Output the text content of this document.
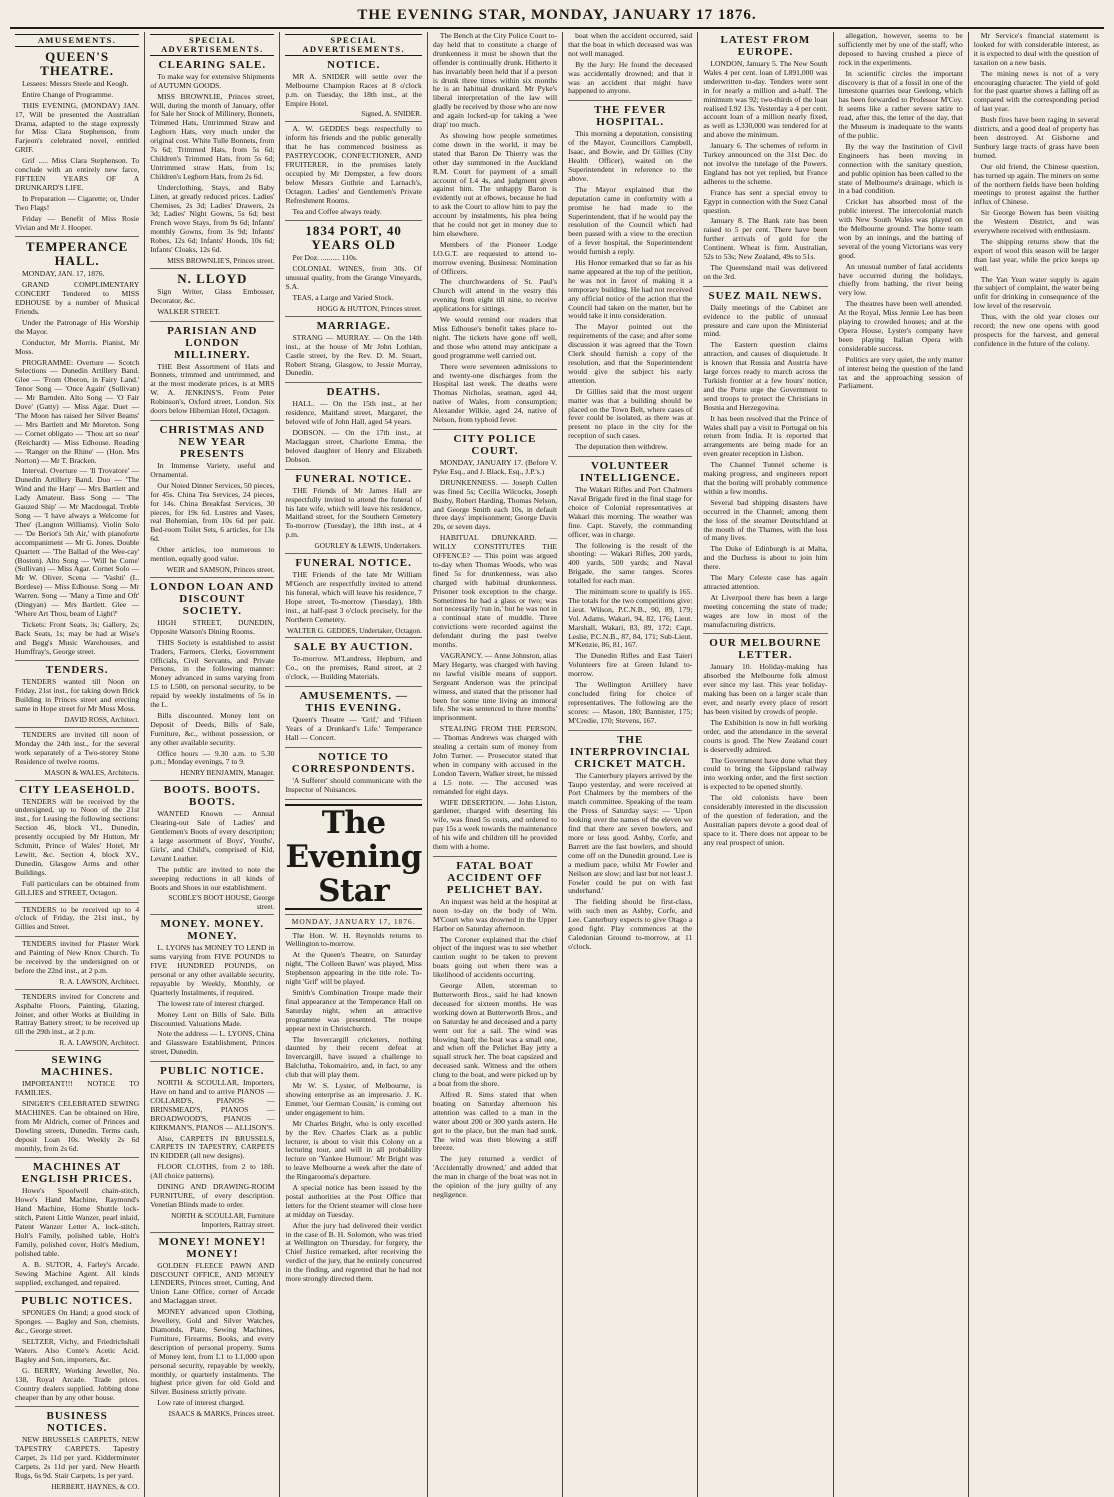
THE EVENING STAR, MONDAY, JANUARY 17 1876.
AMUSEMENTS.
QUEEN'S THEATRE.

Lessees: Messrs Steele and Keogh.

Entire Change of Programme.

THIS EVENING, (MONDAY) JAN. 17, Will be presented the Australian Drama, adapted to the stage expressly for Miss Clara Stephenson, from Farjeon's celebrated novel, entitled GRIF.

Grif ..... Miss Clara Stephenson. To conclude with an entirely new farce, FIFTEEN YEARS OF A DRUNKARD'S LIFE.

In Preparation — Cigarette; or, Under Two Flags!

Friday — Benefit of Miss Rosie Vivian and Mr J. Hooper.

TEMPERANCE HALL.

MONDAY, JAN. 17, 1876.

GRAND COMPLIMENTARY CONCERT Tendered to MISS EDHOUSE by a number of Musical Friends.

Under the Patronage of His Worship the Mayor.

Conductor, Mr Morris. Pianist, Mr Moss.

PROGRAMME: Overture — Scotch Selections — Dunedin Artillery Band. Glee — 'From Oberon, in Fairy Land.' Tenor Song — 'Once Again' (Sullivan) — Mr Barnden. Alto Song — 'O Fair Dove' (Gatty) — Miss Agar. Duet — 'The Moon has raised her Silver Beams' — Mrs Bartlett and Mr Moreton. Song — Cornet obligato — 'Thou art so near' (Reichardt) — Miss Edhouse. Reading — 'Ranger on the Rhine' — (Hon. Mrs Norton) — Mr T. Bracken.

Interval. Overture — 'Il Trovatore' — Dunedin Artillery Band. Duo — 'The Wind and the Harp' — Mrs Bartlett and Lady Amateur. Bass Song — 'The Gauzed Ship' — Mr Macdougal. Treble Song — 'I have always a Welcome for Thee' (Langton Williams). Violin Solo — 'De Beriot's 5th Air,' with pianoforte accompaniment — Mr G. Jones. Double Quartett — 'The Ballad of the Wee-cay' (Boston). Alto Song — 'Will he Come' (Sullivan) — Miss Agar. Cornet Solo — Mr W. Oliver. Scena — 'Vashti' (L. Bordese) — Miss Edhouse. Song — Mr Warren. Song — 'Many a Time and Oft' (Dingyan) — Mrs Bartlett. Glee — 'Where Art Thou, beam of Light?'

Tickets: Front Seats, 3s; Gallery, 2s; Back Seats, 1s; may be had at Wise's and Begg's Music Warehouses, and Humffray's, George street.

TENDERS.

TENDERS wanted till Noon on Friday, 21st inst., for taking down Brick Building in Princes street and erecting same in Hope street for Mr Moss Moss.

DAVID ROSS, Architect.

TENDERS are invited till noon of Monday the 24th inst., for the several work separately of a Two-storey Stone Residence of twelve rooms.

MASON & WALES, Architects.
CITY LEASEHOLD.

TENDERS will be received by the undersigned, up to Noon of the 21st inst., for Leasing the following sections: Section 46, block VI., Dunedin, presently occupied by Mr Hutton, Mr Schmitt, Prince of Wales' Hotel, Mr Lewitt, &c. Section 4, block XV., Dunedin, Glasgow Arms and other Buildings.

Full particulars can be obtained from GILLIES and STREET, Octagon.

TENDERS to be received up to 4 o'clock of Friday, the 21st inst., by Gillies and Street.

TENDERS invited for Plaster Work and Painting of New Knox Church. To be received by the undersigned on or before the 22nd inst., at 2 p.m.

R. A. LAWSON, Architect.

TENDERS invited for Concrete and Asphalte Floors, Painting, Glazing, Joiner, and other Works at Building in Rattray Battery street; to be received up till the 29th inst., at 2 p.m.

R. A. LAWSON, Architect.
SEWING MACHINES.

IMPORTANT!!! NOTICE TO FAMILIES.

SINGER'S CELEBRATED SEWING MACHINES. Can be obtained on Hire, from Mr Aldrich, corner of Princes and Dowling streets, Dunedin. Terms cash, deposit Loan 10s. Weekly 2s 6d monthly, from 2s 6d.

MACHINES AT ENGLISH PRICES.

Howe's Spoolwell chain-stitch, Howe's Hand Machine, Raymond's Hand Machine, Home Shuttle lock-stitch, Patent Little Wanzer, pearl inlaid, Patent Wanzer Letter A, lock-stitch, Holt's Family, polished table, Holt's Family, polished cover, Holt's Medium, polished table.

A. B. SUTOR, 4, Farley's Arcade. Sewing Machine Agent. All kinds supplied, exchanged, and repaired.

PUBLIC NOTICES.

SPONGES On Hand; a good stock of Sponges. — Bagley and Son, chemists, &c., George street.

SELTZER, Vichy, and Friedrichshall Waters. Also Conte's Acetic Acid. Bagley and Son, importers, &c.

G. BERRY, Working Jeweller, No. 138, Royal Arcade. Trade prices. Country dealers supplied. Jobbing done cheaper than by any other house.

BUSINESS NOTICES.

NEW BRUSSELS CARPETS, NEW TAPESTRY CARPETS. Tapestry Carpet, 2s 11d per yard. Kidderminster Carpets, 2s 11d per yard. New Hearth Rugs, 6s 9d. Stair Carpets, 1s per yard.

HERBERT, HAYNES, & CO.
SPECIAL ADVERTISEMENTS.
CLEARING SALE.

To make way for extensive Shipments of AUTUMN GOODS.

MISS BROWNLIE, Princes street, Will, during the month of January, offer for Sale her Stock of Millinery, Bonnets, Trimmed Hats, Untrimmed Straw and Leghorn Hats, very much under the original cost. White Tulle Bonnets, from 7s 6d; Trimmed Hats, from 5s 6d; Children's Trimmed Hats, from 5s 6d; Untrimmed straw Hats, from 1s; Children's Leghorn Hats, from 2s 6d.

Underclothing, Stays, and Baby Linen, at greatly reduced prices. Ladies' Chemises, 2s 3d; Ladies' Drawers, 2s 3d; Ladies' Night Gowns, 5s 6d; best French wove Stays, from 9s 6d; Infants' monthly Gowns, from 3s 9d; Infants' Robes, 12s 6d; Infants' Hoods, 10s 6d; Infants' Cloaks, 12s 6d.

MISS BROWNLIE'S, Princes street.
N. LLOYD

Sign Writer, Glass Embosser, Decorator, &c.

WALKER STREET.

PARISIAN AND LONDON MILLINERY.

THE Best Assortment of Hats and Bonnets, trimmed and untrimmed, and at the most moderate prices, is at MRS W. A. JENKINS'S, From Peter Robinson's, Oxford street, London. Six doors below Hibernian Hotel, Octagon.

CHRISTMAS AND NEW YEAR PRESENTS

In Immense Variety, useful and Ornamental.

Our Noted Dinner Services, 50 pieces, for 45s. China Tea Services, 24 pieces, for 14s. China Breakfast Services, 30 pieces, for 19s 6d. Lustres and Vases, real Bohemian, from 10s 6d per pair. Bed-room Toilet Sets, 6 articles, for 13s 6d.

Other articles, too numerous to mention, equally good value.

WEIR and SAMSON, Princes street.
LONDON LOAN AND DISCOUNT SOCIETY.

HIGH STREET, DUNEDIN, Opposite Watson's Dining Rooms.

THIS Society is established to assist Traders, Farmers, Clerks, Government Officials, Civil Servants, and Private Persons, in the following manner: Money advanced in sums varying from L5 to L500, on personal security, to be repaid by weekly instalments of 5s in the L.

Bills discounted. Money lent on Deposit of Deeds, Bills of Sale, Furniture, &c., without possession, or any other available security.

Office hours — 9.30 a.m. to 5.30 p.m.; Monday evenings, 7 to 9.

HENRY BENJAMIN, Manager.
BOOTS. BOOTS. BOOTS.

WANTED Known — Annual Clearing-out Sale of Ladies' and Gentlemen's Boots of every description; a large assortment of Boys', Youths', Girls', and Child's, comprised of Kid, Levant Leather.

The public are invited to note the sweeping reductions in all kinds of Boots and Shoes in our establishment.

SCOBLE'S BOOT HOUSE, George street.
MONEY. MONEY. MONEY.

L. LYONS has MONEY TO LEND in sums varying from FIVE POUNDS to FIVE HUNDRED POUNDS, on personal or any other available security, repayable by Weekly, Monthly, or Quarterly Instalments, if required.

The lowest rate of interest charged.

Money Lent on Bills of Sale. Bills Discounted. Valuations Made.

Note the address — L. LYONS, China and Glassware Establishment, Princes street, Dunedin.

PUBLIC NOTICE.

NORTH & SCOULLAR, Importers, Have on hand and to arrive PIANOS — COLLARD'S, PIANOS — BRINSMEAD'S, PIANOS — BROADWOOD'S, PIANOS — KIRKMAN'S, PIANOS — ALLISON'S.

Also, CARPETS IN BRUSSELS, CARPETS IN TAPESTRY, CARPETS IN KIDDER (all new designs).

FLOOR CLOTHS, from 2 to 18ft. (All choice patterns).

DINING AND DRAWING-ROOM FURNITURE, of every description. Venetian Blinds made to order.

NORTH & SCOULLAR, Furniture Importers, Rattray street.
MONEY! MONEY! MONEY!

GOLDEN FLEECE PAWN AND DISCOUNT OFFICE, AND MONEY LENDERS, Princes street, Cutting, And Union Lane Office, corner of Arcade and Maclaggan street.

MONEY advanced upon Clothing, Jewellery, Gold and Silver Watches, Diamonds, Plate, Sewing Machines, Furniture, Firearms, Books, and every description of personal property. Sums of Money lent, from L1 to L1,000 upon personal security, repayable by weekly, monthly, or quarterly instalments. The highest price given for old Gold and Silver. Business strictly private.

Low rate of interest charged.

ISAACS & MARKS, Princes street.
SPECIAL ADVERTISEMENTS.
NOTICE.

MR A. SNIDER will settle over the Melbourne Champion Races at 8 o'clock p.m. on Tuesday, the 18th inst., at the Empire Hotel.

Signed, A. SNIDER.

A. W. GEDDES begs respectfully to inform his friends and the public generally that he has commenced business as PASTRYCOOK, CONFECTIONER, AND FRUITERER, in the premises lately occupied by Mr Dempster, a few doors below Messrs Guthrie and Larnach's, Octagon. Ladies' and Gentlemen's Private Refreshment Rooms.

Tea and Coffee always ready.

1834 PORT, 40 YEARS OLD

Per Doz. .......... 110s.

COLONIAL WINES, from 30s. Of unusual quality, from the Grange Vineyards, S.A.

TEAS, a Large and Varied Stock.

HOGG & HUTTON, Princes street.
MARRIAGE.

STRANG — MURRAY. — On the 14th inst., at the house of Mr John Lothian, Castle street, by the Rev. D. M. Stuart, Robert Strang, Glasgow, to Jessie Murray, Dunedin.

DEATHS.

HALL. — On the 15th inst., at her residence, Maitland street, Margaret, the beloved wife of John Hall, aged 54 years.

DOBSON. — On the 17th inst., at Maclaggan street, Charlotte Emma, the beloved daughter of Henry and Elizabeth Dobson.

FUNERAL NOTICE.

THE Friends of Mr James Hall are respectfully invited to attend the funeral of his late wife, which will leave his residence, Maitland street, for the Southern Cemetery To-morrow (Tuesday), the 18th inst., at 4 p.m.

GOURLEY & LEWIS, Undertakers.
FUNERAL NOTICE.

THE Friends of the late Mr William M'Geoch are respectfully invited to attend his funeral, which will leave his residence, 7 Hope street, To-morrow (Tuesday), 18th inst., at half-past 3 o'clock precisely, for the Northern Cemetery.

WALTER G. GEDDES, Undertaker, Octagon.
SALE BY AUCTION.

To-morrow. M'Landress, Hepburn, and Co., on the premises, Rand street, at 2 o'clock, — Building Materials.

AMUSEMENTS. — THIS EVENING.

Queen's Theatre — 'Grif,' and 'Fifteen Years of a Drunkard's Life.' Temperance Hall — Concert.

NOTICE TO CORRESPONDENTS.

'A Sufferer' should communicate with the Inspector of Nuisances.

The Evening Star
MONDAY, JANUARY 17, 1876.

The Hon. W. H. Reynolds returns to Wellington to-morrow.

At the Queen's Theatre, on Saturday night, 'The Colleen Bawn' was played, Miss Stephenson appearing in the title role. To-night 'Grif' will be played.

Smith's Combination Troupe made their final appearance at the Temperance Hall on Saturday night, when an attractive programme was presented. The troupe appear next in Christchurch.

The Invercargill cricketers, nothing daunted by their recent defeat at Invercargill, have issued a challenge to Balclutha, Tokomairiro, and, in fact, to any club that will play them.

Mr W. S. Lyster, of Melbourne, is showing enterprise as an impresario. J. K. Emmet, 'our German Cousin,' is coming out under engagement to him.

Mr Charles Bright, who is only excelled by the Rev. Charles Clark as a public lecturer, is about to visit this Colony on a lecturing tour, and will in all probability lecture on 'Yankee Humour.' Mr Bright was to leave Melbourne a week after the date of the Ringarooma's departure.

A special notice has been issued by the postal authorities at the Post Office that letters for the Orient steamer will close here at midday on Tuesday.

After the jury had delivered their verdict in the case of B. H. Solomon, who was tried at Wellington on Thursday, for forgery, the Chief Justice remarked, after receiving the verdict of the jury, that he entirely concurred in the finding, and regretted that he had not more strongly directed them.

The Bench at the City Police Court to-day held that to constitute a charge of drunkenness it must be shown that the offender is continually drunk. Hitherto it has invariably been held that if a person is drunk three times within six months he is an habitual drunkard. Mr Pyke's liberal interpretation of the law will gladly be received by those who are now and again locked-up for taking a 'wee drap' too much.

As showing how people sometimes come down in the world, it may be stated that Baron De Thierry was the other day summoned in the Auckland R.M. Court for payment of a small account of L4 4s, and judgment given against him. The unhappy Baron is evidently out at elbows, because he had to ask the Court to allow him to pay the account by instalments, his plea being that he could not get in money due to him elsewhere.

Members of the Pioneer Lodge I.O.G.T. are requested to attend to-morrow evening. Business: Nomination of Officers.

The churchwardens of St. Paul's Church will attend in the vestry this evening from eight till nine, to receive applications for sittings.

We would remind our readers that Miss Edhouse's benefit takes place to-night. The tickets have gone off well, and those who attend may anticipate a good programme well carried out.

There were seventeen admissions to and twenty-one discharges from the Hospital last week. The deaths were Thomas Nicholas, seaman, aged 44, native of Wales, from consumption; Alexander Wilkie, aged 24, native of Nelson, from typhoid fever.

CITY POLICE COURT.

MONDAY, JANUARY 17. (Before V. Pyke Esq., and J. Black, Esq., J.P.'s.)

DRUNKENNESS. — Joseph Cullen was fined 5s; Cecilia Wilcocks, Joseph Busby, Robert Harding, Thomas Nelson, and George Smith each 10s, in default three days' imprisonment; George Davis 20s, or seven days.

HABITUAL DRUNKARD. — WILLY CONSTITUTES THE OFFENCE? — This point was argued to-day when Thomas Woods, who was fined 5s for drunkenness, was also charged with habitual drunkenness. Prisoner took exception to the charge. Sometimes he had a glass or two; was not necessarily 'run in,' but he was not in a continual state of muddle. Three convictions were recorded against the defendant during the past twelve months.

VAGRANCY. — Anne Johnston, alias Mary Hegarty, was charged with having no lawful visible means of support. Sergeant Anderson was the principal witness, and stated that the prisoner had been for some time living an immoral life. She was sentenced to three months' imprisonment.

STEALING FROM THE PERSON. — Thomas Andrews was charged with stealing a certain sum of money from John Turner. — Prosecutor stated that when in company with accused in the London Tavern, Walker street, he missed a L5 note. — The accused was remanded for eight days.

WIFE DESERTION. — John Liston, gardener, charged with deserting his wife, was fined 5s costs, and ordered to pay 15s a week towards the maintenance of his wife and children till he provided them with a home.

FATAL BOAT ACCIDENT OFF PELICHET BAY.

An inquest was held at the hospital at noon to-day on the body of Wm. M'Court who was drowned in the Upper Harbor on Saturday afternoon.

The Coroner explained that the chief object of the inquest was to see whether caution ought to be taken to prevent boats going out when there was a likelihood of accidents occurring.

George Allen, storeman to Butterworth Bros., said he had known deceased for sixteen months. He was working down at Butterworth Bros., and on Saturday he and deceased and a party went out for a sail. The wind was blowing hard; the boat was a small one, and when off the Pelichet Bay jetty a squall struck her. The boat capsized and deceased sank. Witness and the others clung to the boat, and were picked up by a boat from the shore.

Alfred R. Sims stated that when boating on Saturday afternoon his attention was called to a man in the water about 200 or 300 yards astern. He got to the place, but the man had sunk. The wind was then blowing a stiff breeze.

The jury returned a verdict of 'Accidentally drowned,' and added that the man in charge of the boat was not in the opinion of the jury guilty of any negligence.

boat when the accident occurred, said that the boat in which deceased was was not well managed.

By the Jury: He found the deceased was accidentally drowned; and that it was an accident that might have happened to anyone.

THE FEVER HOSPITAL.

This morning a deputation, consisting of the Mayor, Councillors Campbell, Isaac, and Bowie, and Dr Gillies (City Health Officer), waited on the Superintendent in reference to the above.

The Mayor explained that the deputation came in conformity with a promise he had made to the Superintendent, that if he would pay the resolution of the Council which had been passed with a view to the erection of a fever hospital, the Superintendent would furnish a reply.

His Honor remarked that so far as his name appeared at the top of the petition, he was not in favor of making it a temporary building. He had not received any official notice of the action that the Council had taken on the matter, but he would take it into consideration.

The Mayor pointed out the requirements of the case; and after some discussion it was agreed that the Town Clerk should furnish a copy of the resolution, and that the Superintendent would give the subject his early attention.

Dr Gillies said that the most urgent matter was that a building should be placed on the Town Belt, where cases of fever could be isolated, as there was at present no place in the city for the reception of such cases.

The deputation then withdrew.

VOLUNTEER INTELLIGENCE.

The Wakari Rifles and Port Chalmers Naval Brigade fired in the final stage for choice of Colonial representatives at Wakari this morning. The weather was fine. Capt. Stavely, the commanding officer, was in charge.

The following is the result of the shooting: — Wakari Rifles, 200 yards, 400 yards, 500 yards; and Naval Brigade, the same ranges. Scores totalled for each man.

The minimum score to qualify is 165. The totals for the two competitions give: Lieut. Wilson, P.C.N.B., 90, 89, 179; Vol. Adams, Wakari, 94, 82, 176; Lieut. Marshall, Wakari, 83, 89, 172; Capt. Leslie, P.C.N.B., 87, 84, 171; Sub-Lieut. M'Kenzie, 86, 81, 167.

The Dunedin Rifles and East Taieri Volunteers fire at Green Island to-morrow.

The Wellington Artillery have concluded firing for choice of representatives. The following are the scores: — Mason, 180; Bannister, 175; M'Credie, 170; Stevens, 167.

THE INTERPROVINCIAL CRICKET MATCH.

The Canterbury players arrived by the Taupo yesterday, and were received at Port Chalmers by the members of the match committee. Speaking of the team the Press of Saturday says: — 'Upon looking over the names of the eleven we find that there are seven bowlers, and more or less good. Ashby, Corfe, and Barrett are the fast bowlers, and should come off on the Dunedin ground. Lee is a medium pace, whilst Mr Fowler and Neilson are slow; and last but not least J. Fowler could be put on with fast underhand.'

The fielding should be first-class, with such men as Ashby, Corfe, and Lee. Canterbury expects to give Otago a good fight. Play commences at the Caledonian Ground to-morrow, at 11 o'clock.

LATEST FROM EUROPE.

LONDON, January 5. The New South Wales 4 per cent. loan of L891,000 was underwritten to-day. Tenders were sent in for nearly a million and a-half. The minimum was 92; two-thirds of the loan realised L92 13s. Yesterday a 4 per cent. account loan of a million nearly fixed, as well as L330,000 was tendered for at and above the minimum.

January 6. The schemes of reform in Turkey announced on the 31st Dec. do not involve the tutelage of the Powers. England has not yet replied, but France adheres to the scheme.

France has sent a special envoy to Egypt in connection with the Suez Canal question.

January 8. The Bank rate has been raised to 5 per cent. There have been further arrivals of gold for the Continent. Wheat is firm. Australian, 52s to 53s; New Zealand, 49s to 51s.

The Queensland mail was delivered on the 3rd.

SUEZ MAIL NEWS.

Daily meetings of the Cabinet are evidence to the public of unusual pressure and care upon the Ministerial mind.

The Eastern question claims attraction, and causes of disquietude. It is known that Russia and Austria have large forces ready to march across the Turkish frontier at a few hours' notice, and the Porte urge the Government to send troops to protect the Christians in Bosnia and Herzegovina.

It has been resolved that the Prince of Wales shall pay a visit to Portugal on his return from India. It is reported that arrangements are being made for an even greater reception in Lisbon.

The Channel Tunnel scheme is making progress, and engineers report that the boring will probably commence within a few months.

Several bad shipping disasters have occurred in the Channel; among them the loss of the steamer Deutschland at the mouth of the Thames, with the loss of many lives.

The Duke of Edinburgh is at Malta, and the Duchess is about to join him there.

The Mary Celeste case has again attracted attention.

At Liverpool there has been a large meeting concerning the state of trade; wages are low in most of the manufacturing districts.

OUR MELBOURNE LETTER.

January 10. Holiday-making has absorbed the Melbourne folk almost ever since my last. This year holiday-making has been on a larger scale than ever, and nearly every place of resort has been visited by crowds of people.

The Exhibition is now in full working order, and the attendance in the several courts is good. The New Zealand court is deservedly admired.

The Government have done what they could to bring the Gippsland railway into working order, and the first section is expected to be opened shortly.

The old colonists have been considerably interested in the discussion of the question of federation, and the Australian papers devote a good deal of space to it. There does not appear to be any real prospect of union.

allegation, however, seems to be sufficiently met by one of the staff, who deposed to having crushed a piece of rock in the experiments.

In scientific circles the important discovery is that of a fossil in one of the limestone quarries near Geelong, which has been forwarded to Professor M'Coy. It seems like a rather severe satire to read, after this, the letter of the day, that the Museum is inadequate to the wants of the public.

By the way the Institution of Civil Engineers has been moving in connection with the sanitary question, and public opinion has been called to the state of Melbourne's drainage, which is in a bad condition.

Cricket has absorbed most of the public interest. The intercolonial match with New South Wales was played on the Melbourne ground. The home team won by an innings, and the batting of several of the young Victorians was very good.

An unusual number of fatal accidents have occurred during the holidays, chiefly from bathing, the river being very low.

The theatres have been well attended. At the Royal, Miss Jennie Lee has been playing to crowded houses; and at the Opera House, Lyster's company have been playing Italian Opera with considerable success.

Politics are very quiet, the only matter of interest being the question of the land tax and the approaching session of Parliament.

Mr Service's financial statement is looked for with considerable interest, as it is expected to deal with the question of taxation on a new basis.

The mining news is not of a very encouraging character. The yield of gold for the past quarter shows a falling off as compared with the corresponding period of last year.

Bush fires have been raging in several districts, and a good deal of property has been destroyed. At Gisborne and Sunbury large tracts of grass have been burned.

Our old friend, the Chinese question, has turned up again. The miners on some of the northern fields have been holding meetings to protest against the further influx of Chinese.

Sir George Bowen has been visiting the Western District, and was everywhere received with enthusiasm.

The shipping returns show that the export of wool this season will be larger than last year, while the price keeps up well.

The Yan Yean water supply is again the subject of complaint, the water being unfit for drinking in consequence of the low level of the reservoir.

Thus, with the old year closes our record; the new one opens with good prospects for the harvest, and general confidence in the future of the colony.
